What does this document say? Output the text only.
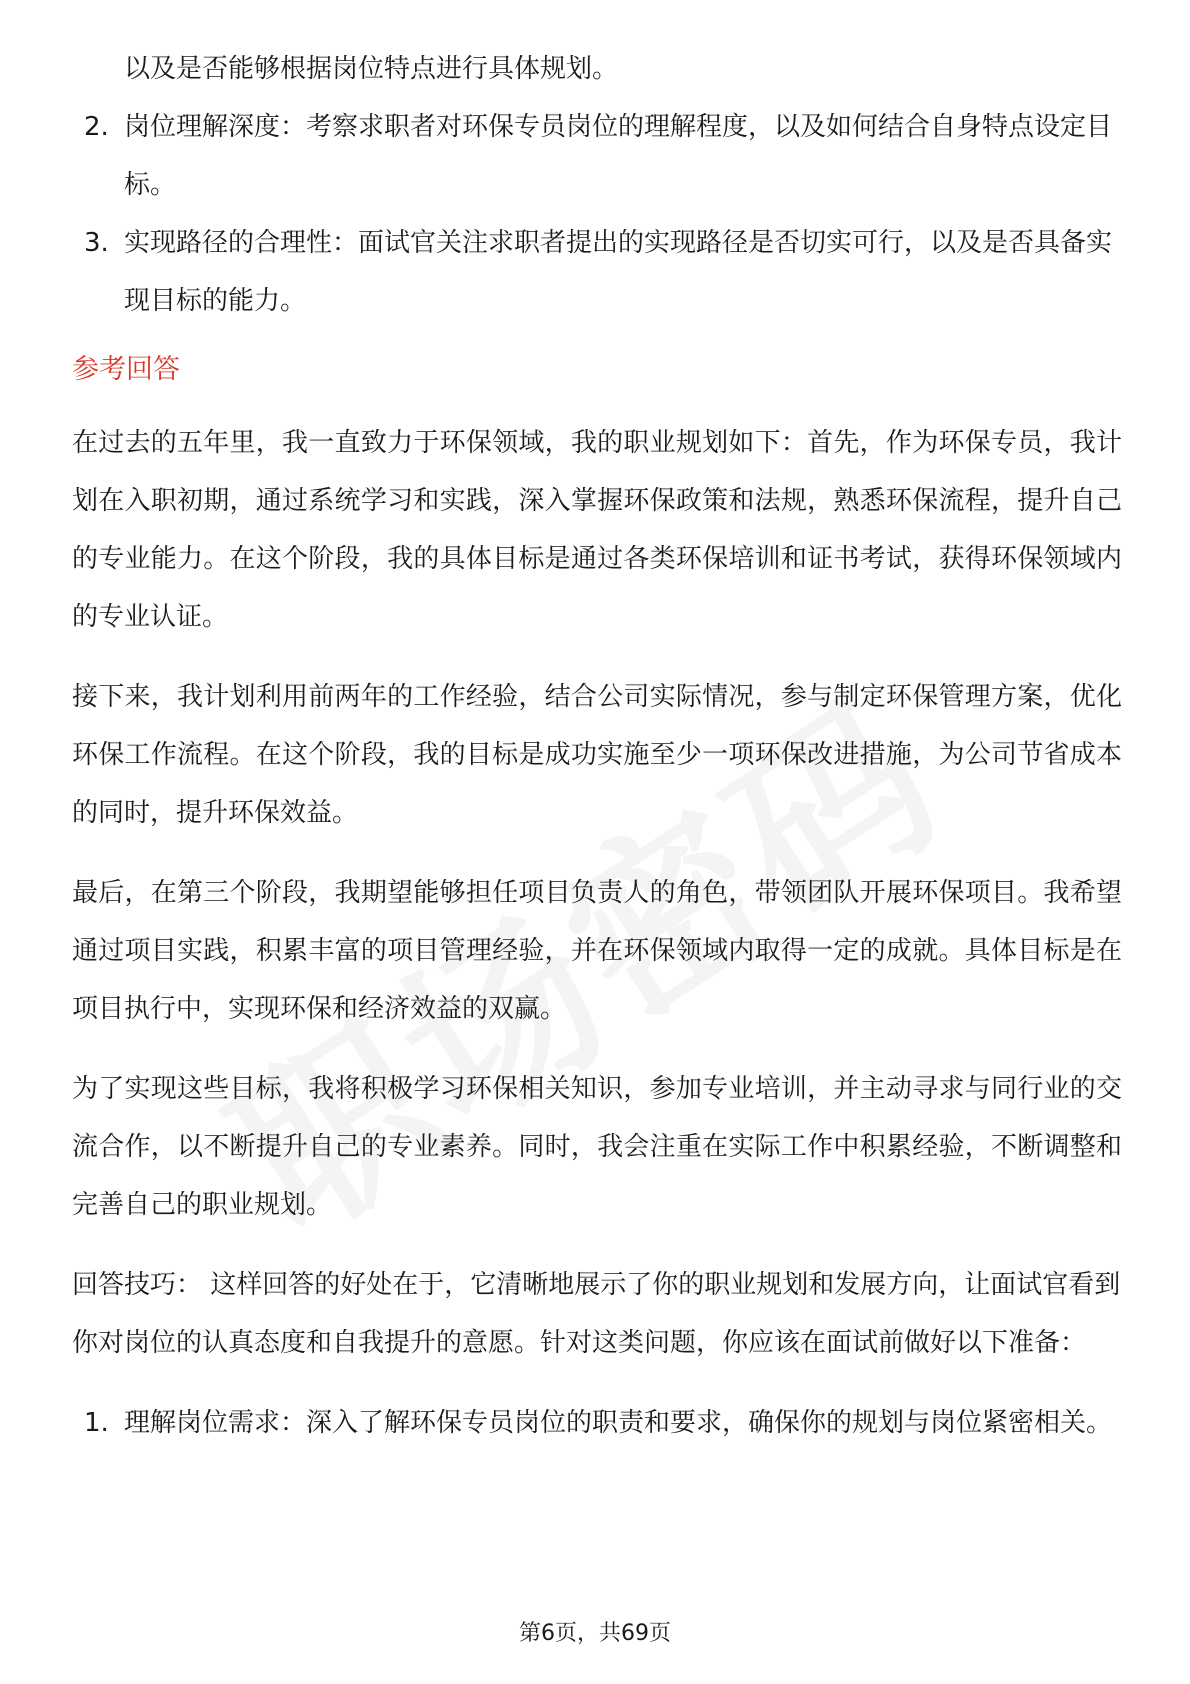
以及是否能够根据岗位特点进行具体规划。

2. 岗位理解深度：考察求职者对环保专员岗位的理解程度，以及如何结合自身特点设定目标。
3. 实现路径的合理性：面试官关注求职者提出的实现路径是否切实可行，以及是否具备实现目标的能力。
参考回答

在过去的五年里，我一直致力于环保领域，我的职业规划如下：首先，作为环保专员，我计划在入职初期，通过系统学习和实践，深入掌握环保政策和法规，熟悉环保流程，提升自己的专业能力。在这个阶段，我的具体目标是通过各类环保培训和证书考试，获得环保领域内的专业认证。

接下来，我计划利用前两年的工作经验，结合公司实际情况，参与制定环保管理方案，优化环保工作流程。在这个阶段，我的目标是成功实施至少一项环保改进措施，为公司节省成本的同时，提升环保效益。

最后，在第三个阶段，我期望能够担任项目负责人的角色，带领团队开展环保项目。我希望通过项目实践，积累丰富的项目管理经验，并在环保领域内取得一定的成就。具体目标是在项目执行中，实现环保和经济效益的双赢。

为了实现这些目标，我将积极学习环保相关知识，参加专业培训，并主动寻求与同行业的交流合作，以不断提升自己的专业素养。同时，我会注重在实际工作中积累经验，不断调整和完善自己的职业规划。

回答技巧： 这样回答的好处在于，它清晰地展示了你的职业规划和发展方向，让面试官看到你对岗位的认真态度和自我提升的意愿。针对这类问题，你应该在面试前做好以下准备：

1. 理解岗位需求：深入了解环保专员岗位的职责和要求，确保你的规划与岗位紧密相关。
第6页，共69页
